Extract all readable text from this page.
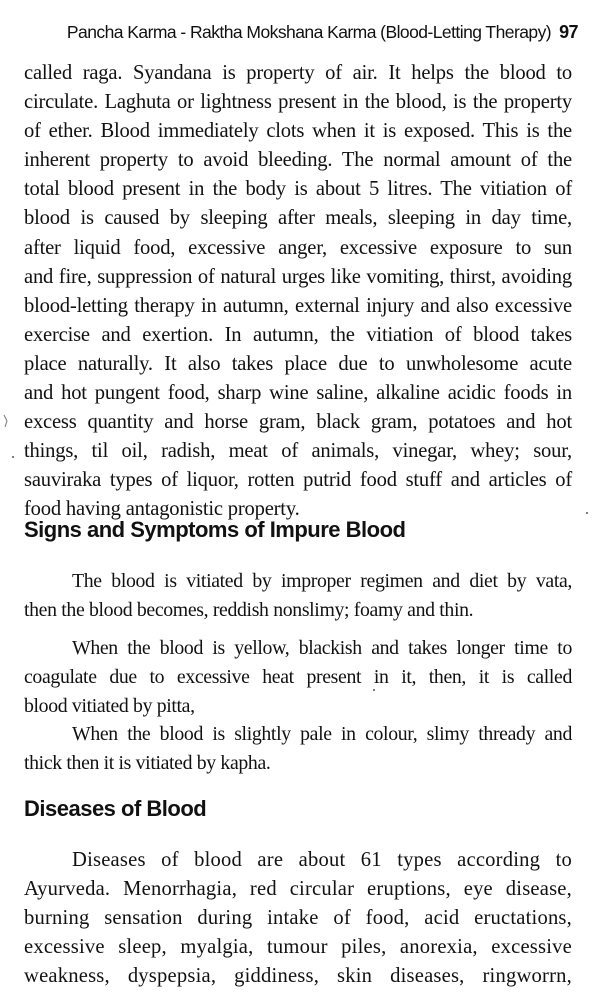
Pancha Karma - Raktha Mokshana Karma (Blood-Letting Therapy) 97
called raga. Syandana is property of air. It helps the blood to
circulate. Laghuta or lightness present in the blood, is the property
of ether. Blood immediately clots when it is exposed. This is the
inherent property to avoid bleeding. The normal amount of the
total blood present in the body is about 5 litres. The vitiation of
blood is caused by sleeping after meals, sleeping in day time,
after liquid food, excessive anger, excessive exposure to sun
and fire, suppression of natural urges like vomiting, thirst, avoiding
blood-letting therapy in autumn, external injury and also excessive
exercise and exertion. In autumn, the vitiation of blood takes
place naturally. It also takes place due to unwholesome acute
and hot pungent food, sharp wine saline, alkaline acidic foods in
excess quantity and horse gram, black gram, potatoes and hot
things, til oil, radish, meat of animals, vinegar, whey; sour,
sauviraka types of liquor, rotten putrid food stuff and articles of
food having antagonistic property.
Signs and Symptoms of Impure Blood
The blood is vitiated by improper regimen and diet by vata,
then the blood becomes, reddish nonslimy; foamy and thin.
When the blood is yellow, blackish and takes longer time to
coagulate due to excessive heat present in it, then, it is called
blood vitiated by pitta,
When the blood is slightly pale in colour, slimy thready and
thick then it is vitiated by kapha.
Diseases of Blood
Diseases of blood are about 61 types according to
Ayurveda. Menorrhagia, red circular eruptions, eye disease,
burning sensation during intake of food, acid eructations,
excessive sleep, myalgia, tumour piles, anorexia, excessive
weakness, dyspepsia, giddiness, skin diseases, ringworrn,
